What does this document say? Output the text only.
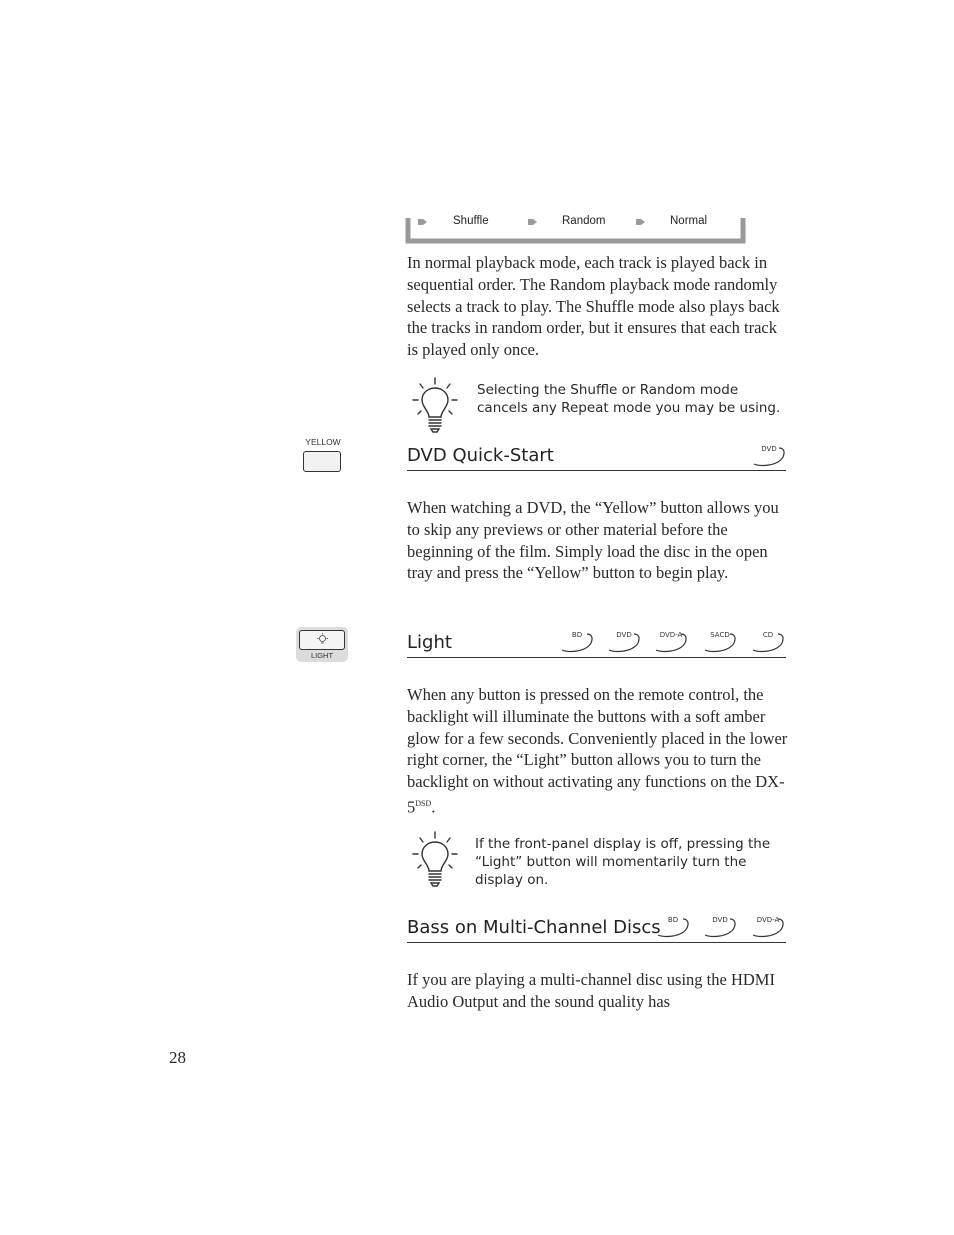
Shuffle	Random	Normal

In normal playback mode, each track is played back in sequential order. The Random playback mode randomly selects a track to play. The Shuffle mode also plays back the tracks in random order, but it ensures that each track is played only once.

Selecting the Shuffle or Random mode cancels any Repeat mode you may be using.

YELLOW
DVD Quick-Start	DVD

When watching a DVD, the “Yellow” button allows you to skip any previews or other material before the beginning of the film. Simply load the disc in the open tray and press the “Yellow” button to begin play.

LIGHT
Light	BD	DVD	DVD-A	SACD	CD

When any button is pressed on the remote control, the backlight will illuminate the buttons with a soft amber glow for a few seconds. Conveniently placed in the lower right corner, the “Light” button allows you to turn the backlight on without activating any functions on the $DX-5^{DSD}$.

If the front-panel display is off, pressing the “Light” button will momentarily turn the display on.

Bass on Multi-Channel Discs	BD	DVD	DVD-A

If you are playing a multi-channel disc using the HDMI Audio Output and the sound quality has

28
